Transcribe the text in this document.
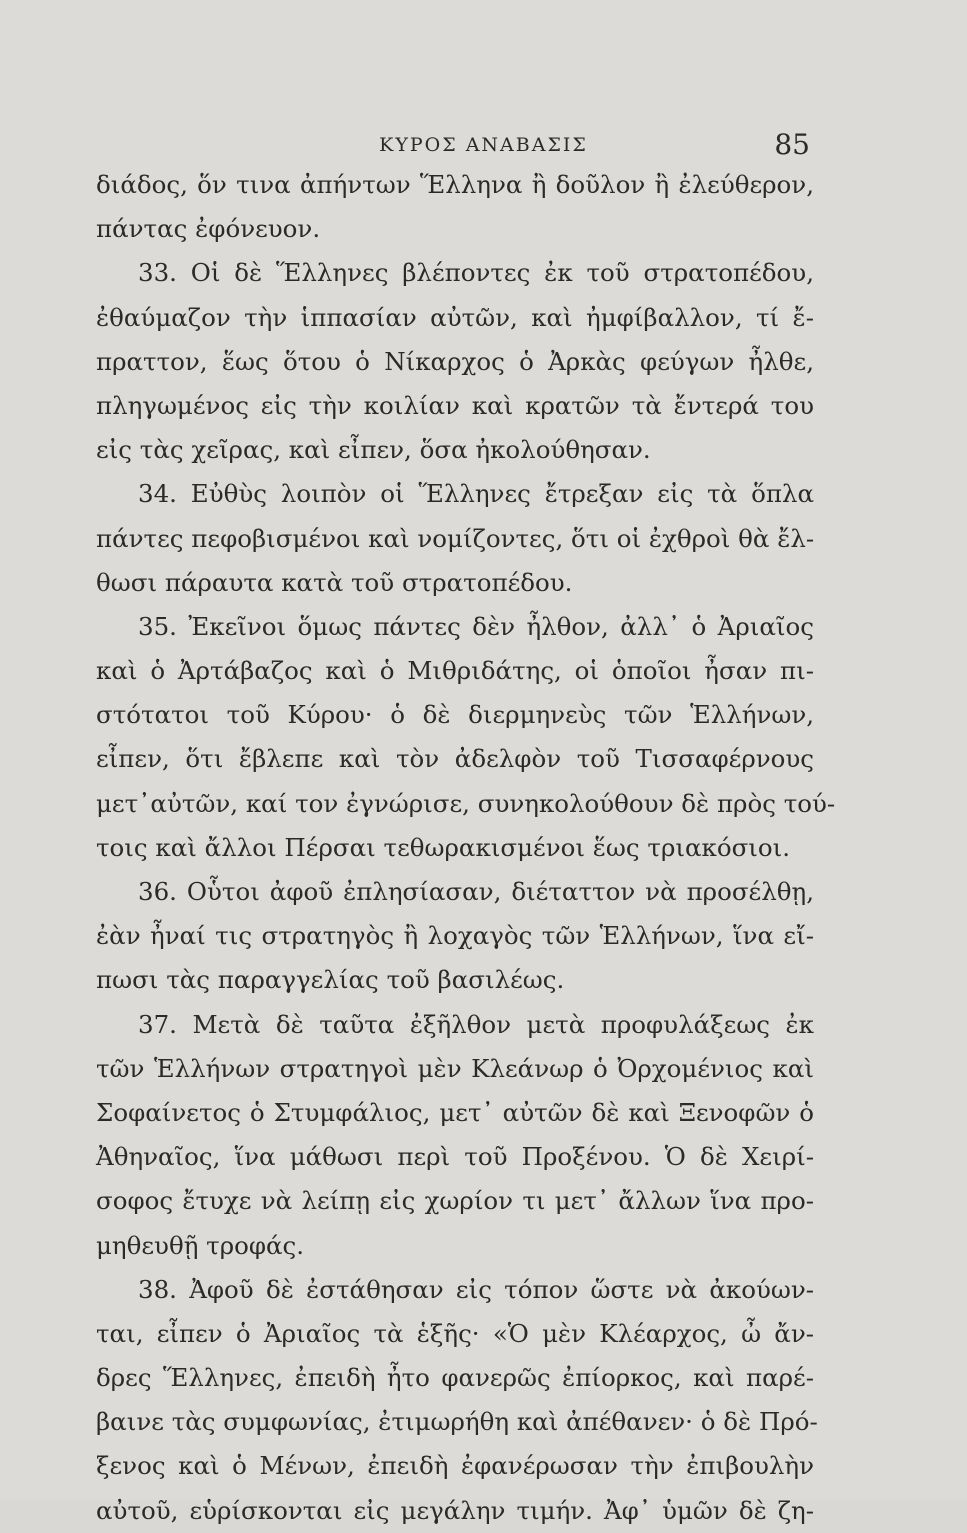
ΚΥΡΟΣ ΑΝΑΒΑΣΙΣ	85
διάδος, ὅν τινα ἀπήντων Ἕλληνα ἢ δοῦλον ἢ ἐλεύθερον,
πάντας ἐφόνευον.
33. Οἱ δὲ Ἕλληνες βλέποντες ἐκ τοῦ στρατοπέδου,
ἐθαύμαζον τὴν ἱππασίαν αὐτῶν, καὶ ἠμφίβαλλον, τί ἔ-
πραττον, ἕως ὅτου ὁ Νίκαρχος ὁ Ἀρκὰς φεύγων ἦλθε,
πληγωμένος εἰς τὴν κοιλίαν καὶ κρατῶν τὰ ἔντερά του
εἰς τὰς χεῖρας, καὶ εἶπεν, ὅσα ἠκολούθησαν.
34. Εὐθὺς λοιπὸν οἱ Ἕλληνες ἔτρεξαν εἰς τὰ ὅπλα
πάντες πεφοβισμένοι καὶ νομίζοντες, ὅτι οἱ ἐχθροὶ θὰ ἔλ-
θωσι πάραυτα κατὰ τοῦ στρατοπέδου.
35. Ἐκεῖνοι ὅμως πάντες δὲν ἦλθον, ἀλλ᾽ ὁ Ἀριαῖος
καὶ ὁ Ἀρτάβαζος καὶ ὁ Μιθριδάτης, οἱ ὁποῖοι ἦσαν πι-
στότατοι τοῦ Κύρου· ὁ δὲ διερμηνεὺς τῶν Ἑλλήνων,
εἶπεν, ὅτι ἔβλεπε καὶ τὸν ἀδελφὸν τοῦ Τισσαφέρνους
μετ᾽αὐτῶν, καί τον ἐγνώρισε, συνηκολούθουν δὲ πρὸς τού-
τοις καὶ ἄλλοι Πέρσαι τεθωρακισμένοι ἕως τριακόσιοι.
36. Οὗτοι ἀφοῦ ἐπλησίασαν, διέταττον νὰ προσέλθῃ,
ἐὰν ἦναί τις στρατηγὸς ἢ λοχαγὸς τῶν Ἑλλήνων, ἵνα εἴ-
πωσι τὰς παραγγελίας τοῦ βασιλέως.
37. Μετὰ δὲ ταῦτα ἐξῆλθον μετὰ προφυλάξεως ἐκ
τῶν Ἑλλήνων στρατηγοὶ μὲν Κλεάνωρ ὁ Ὀρχομένιος καὶ
Σοφαίνετος ὁ Στυμφάλιος, μετ᾽ αὐτῶν δὲ καὶ Ξενοφῶν ὁ
Ἀθηναῖος, ἵνα μάθωσι περὶ τοῦ Προξένου. Ὁ δὲ Χειρί-
σοφος ἔτυχε νὰ λείπῃ εἰς χωρίον τι μετ᾽ ἄλλων ἵνα προ-
μηθευθῇ τροφάς.
38. Ἀφοῦ δὲ ἐστάθησαν εἰς τόπον ὥστε νὰ ἀκούων-
ται, εἶπεν ὁ Ἀριαῖος τὰ ἑξῆς· «Ὁ μὲν Κλέαρχος, ὦ ἄν-
δρες Ἕλληνες, ἐπειδὴ ἦτο φανερῶς ἐπίορκος, καὶ παρέ-
βαινε τὰς συμφωνίας, ἐτιμωρήθη καὶ ἀπέθανεν· ὁ δὲ Πρό-
ξενος καὶ ὁ Μένων, ἐπειδὴ ἐφανέρωσαν τὴν ἐπιβουλὴν
αὐτοῦ, εὑρίσκονται εἰς μεγάλην τιμήν. Ἀφ᾽ ὑμῶν δὲ ζη-
